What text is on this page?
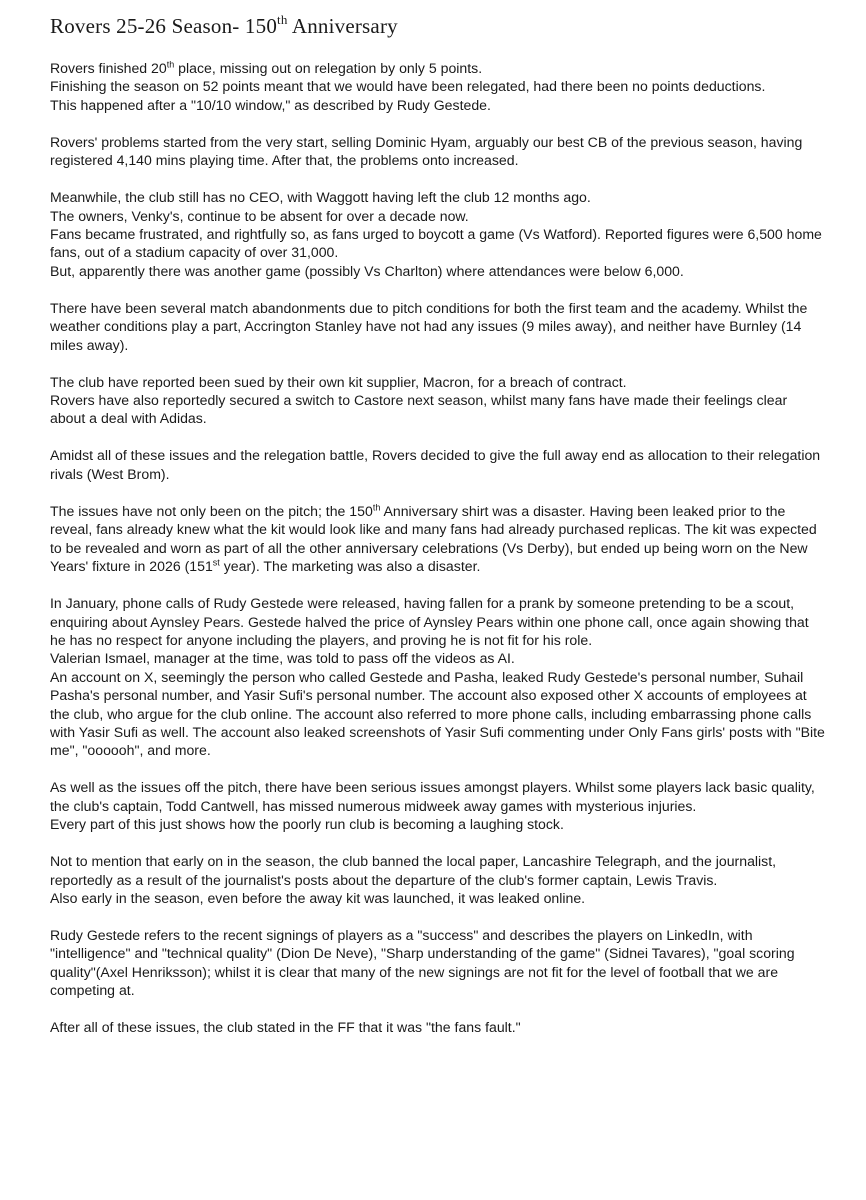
Rovers 25-26 Season- 150th Anniversary
Rovers finished 20th place, missing out on relegation by only 5 points.
Finishing the season on 52 points meant that we would have been relegated, had there been no points deductions.
This happened after a "10/10 window," as described by Rudy Gestede.
Rovers' problems started from the very start, selling Dominic Hyam, arguably our best CB of the previous season, having registered 4,140 mins playing time. After that, the problems onto increased.
Meanwhile, the club still has no CEO, with Waggott having left the club 12 months ago.
The owners, Venky's, continue to be absent for over a decade now.
Fans became frustrated, and rightfully so, as fans urged to boycott a game (Vs Watford). Reported figures were 6,500 home fans, out of a stadium capacity of over 31,000.
But, apparently there was another game (possibly Vs Charlton) where attendances were below 6,000.
There have been several match abandonments due to pitch conditions for both the first team and the academy. Whilst the weather conditions play a part, Accrington Stanley have not had any issues (9 miles away), and neither have Burnley (14 miles away).
The club have reported been sued by their own kit supplier, Macron, for a breach of contract.
Rovers have also reportedly secured a switch to Castore next season, whilst many fans have made their feelings clear about a deal with Adidas.
Amidst all of these issues and the relegation battle, Rovers decided to give the full away end as allocation to their relegation rivals (West Brom).
The issues have not only been on the pitch; the 150th Anniversary shirt was a disaster. Having been leaked prior to the reveal, fans already knew what the kit would look like and many fans had already purchased replicas. The kit was expected to be revealed and worn as part of all the other anniversary celebrations (Vs Derby), but ended up being worn on the New Years' fixture in 2026 (151st year). The marketing was also a disaster.
In January, phone calls of Rudy Gestede were released, having fallen for a prank by someone pretending to be a scout, enquiring about Aynsley Pears. Gestede halved the price of Aynsley Pears within one phone call, once again showing that he has no respect for anyone including the players, and proving he is not fit for his role.
Valerian Ismael, manager at the time, was told to pass off the videos as AI.
An account on X, seemingly the person who called Gestede and Pasha, leaked Rudy Gestede's personal number, Suhail Pasha's personal number, and Yasir Sufi's personal number. The account also exposed other X accounts of employees at the club, who argue for the club online. The account also referred to more phone calls, including embarrassing phone calls with Yasir Sufi as well. The account also leaked screenshots of Yasir Sufi commenting under Only Fans girls' posts with "Bite me", "oooooh", and more.
As well as the issues off the pitch, there have been serious issues amongst players. Whilst some players lack basic quality, the club's captain, Todd Cantwell, has missed numerous midweek away games with mysterious injuries.
Every part of this just shows how the poorly run club is becoming a laughing stock.
Not to mention that early on in the season, the club banned the local paper, Lancashire Telegraph, and the journalist, reportedly as a result of the journalist's posts about the departure of the club's former captain, Lewis Travis.
Also early in the season, even before the away kit was launched, it was leaked online.
Rudy Gestede refers to the recent signings of players as a "success" and describes the players on LinkedIn, with "intelligence" and "technical quality" (Dion De Neve), "Sharp understanding of the game" (Sidnei Tavares), "goal scoring quality"(Axel Henriksson); whilst it is clear that many of the new signings are not fit for the level of football that we are competing at.
After all of these issues, the club stated in the FF that it was "the fans fault."
